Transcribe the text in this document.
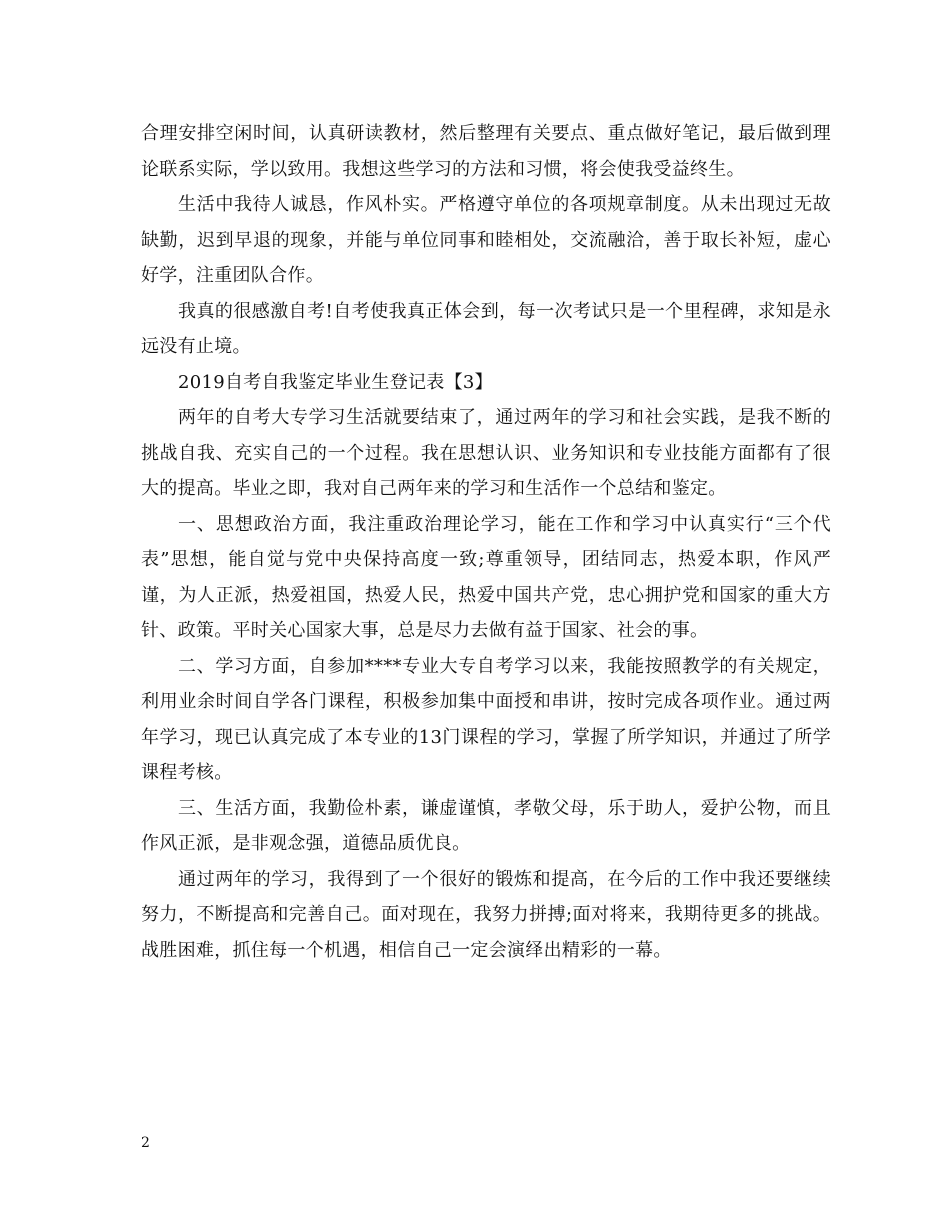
合理安排空闲时间，认真研读教材，然后整理有关要点、重点做好笔记，最后做到理论联系实际，学以致用。我想这些学习的方法和习惯，将会使我受益终生。

生活中我待人诚恳，作风朴实。严格遵守单位的各项规章制度。从未出现过无故缺勤，迟到早退的现象，并能与单位同事和睦相处，交流融洽，善于取长补短，虚心好学，注重团队合作。

我真的很感激自考!自考使我真正体会到，每一次考试只是一个里程碑，求知是永远没有止境。

2019自考自我鉴定毕业生登记表【3】

两年的自考大专学习生活就要结束了，通过两年的学习和社会实践，是我不断的挑战自我、充实自己的一个过程。我在思想认识、业务知识和专业技能方面都有了很大的提高。毕业之即，我对自己两年来的学习和生活作一个总结和鉴定。

一、思想政治方面，我注重政治理论学习，能在工作和学习中认真实行“三个代表”思想，能自觉与党中央保持高度一致;尊重领导，团结同志，热爱本职，作风严谨，为人正派，热爱祖国，热爱人民，热爱中国共产党，忠心拥护党和国家的重大方针、政策。平时关心国家大事，总是尽力去做有益于国家、社会的事。

二、学习方面，自参加****专业大专自考学习以来，我能按照教学的有关规定，利用业余时间自学各门课程，积极参加集中面授和串讲，按时完成各项作业。通过两年学习，现已认真完成了本专业的13门课程的学习，掌握了所学知识，并通过了所学课程考核。

三、生活方面，我勤俭朴素，谦虚谨慎，孝敬父母，乐于助人，爱护公物，而且作风正派，是非观念强，道德品质优良。

通过两年的学习，我得到了一个很好的锻炼和提高，在今后的工作中我还要继续努力，不断提高和完善自己。面对现在，我努力拼搏;面对将来，我期待更多的挑战。战胜困难，抓住每一个机遇，相信自己一定会演绎出精彩的一幕。

2
